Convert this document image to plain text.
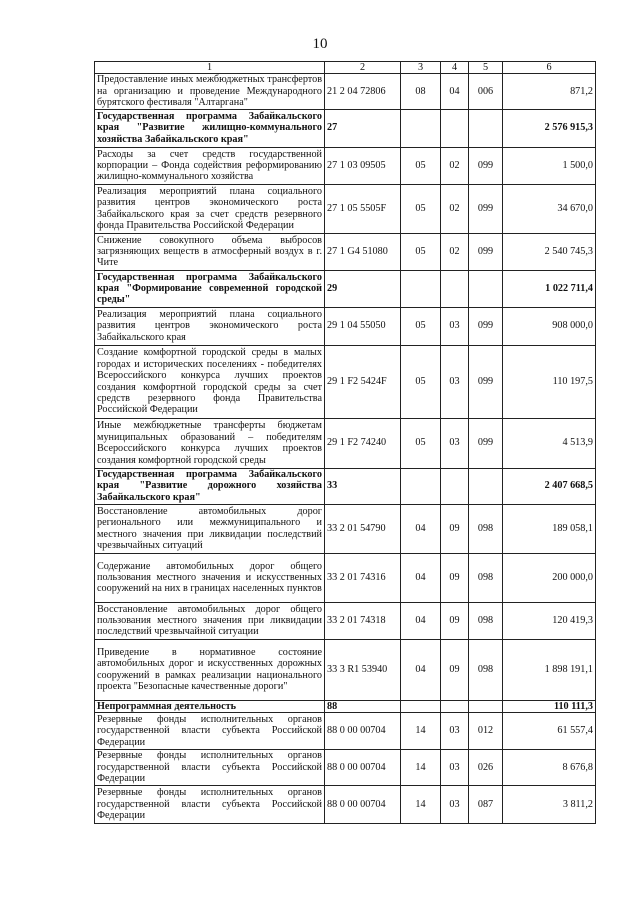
10
1	2	3	4	5	6
Предоставление иных межбюджетных трансфертов на организацию и проведение Международного бурятского фестиваля "Алтаргана"	21 2 04 72806	08	04	006	871,2
Государственная программа Забайкальского края "Развитие жилищно-коммунального хозяйства Забайкальского края"	27				2 576 915,3
Расходы за счет средств государственной корпорации – Фонда содействия реформированию жилищно-коммунального хозяйства	27 1 03 09505	05	02	099	1 500,0
Реализация мероприятий плана социального развития центров экономического роста Забайкальского края за счет средств резервного фонда Правительства Российской Федерации	27 1 05 5505F	05	02	099	34 670,0
Снижение совокупного объема выбросов загрязняющих веществ в атмосферный воздух в г. Чите	27 1 G4 51080	05	02	099	2 540 745,3
Государственная программа Забайкальского края "Формирование современной городской среды"	29				1 022 711,4
Реализация мероприятий плана социального развития центров экономического роста Забайкальского края	29 1 04 55050	05	03	099	908 000,0
Создание комфортной городской среды в малых городах и исторических поселениях - победителях Всероссийского конкурса лучших проектов создания комфортной городской среды за счет средств резервного фонда Правительства Российской Федерации	29 1 F2 5424F	05	03	099	110 197,5
Иные межбюджетные трансферты бюджетам муниципальных образований – победителям Всероссийского конкурса лучших проектов создания комфортной городской среды	29 1 F2 74240	05	03	099	4 513,9
Государственная программа Забайкальского края "Развитие дорожного хозяйства Забайкальского края"	33				2 407 668,5
Восстановление автомобильных дорог регионального или межмуниципального и местного значения при ликвидации последствий чрезвычайных ситуаций	33 2 01 54790	04	09	098	189 058,1
Содержание автомобильных дорог общего пользования местного значения и искусственных сооружений на них в границах населенных пунктов	33 2 01 74316	04	09	098	200 000,0
Восстановление автомобильных дорог общего пользования местного значения при ликвидации последствий чрезвычайной ситуации	33 2 01 74318	04	09	098	120 419,3
Приведение в нормативное состояние автомобильных дорог и искусственных дорожных сооружений в рамках реализации национального проекта "Безопасные качественные дороги"	33 3 R1 53940	04	09	098	1 898 191,1
Непрограммная деятельность	88				110 111,3
Резервные фонды исполнительных органов государственной власти субъекта Российской Федерации	88 0 00 00704	14	03	012	61 557,4
Резервные фонды исполнительных органов государственной власти субъекта Российской Федерации	88 0 00 00704	14	03	026	8 676,8
Резервные фонды исполнительных органов государственной власти субъекта Российской Федерации	88 0 00 00704	14	03	087	3 811,2
